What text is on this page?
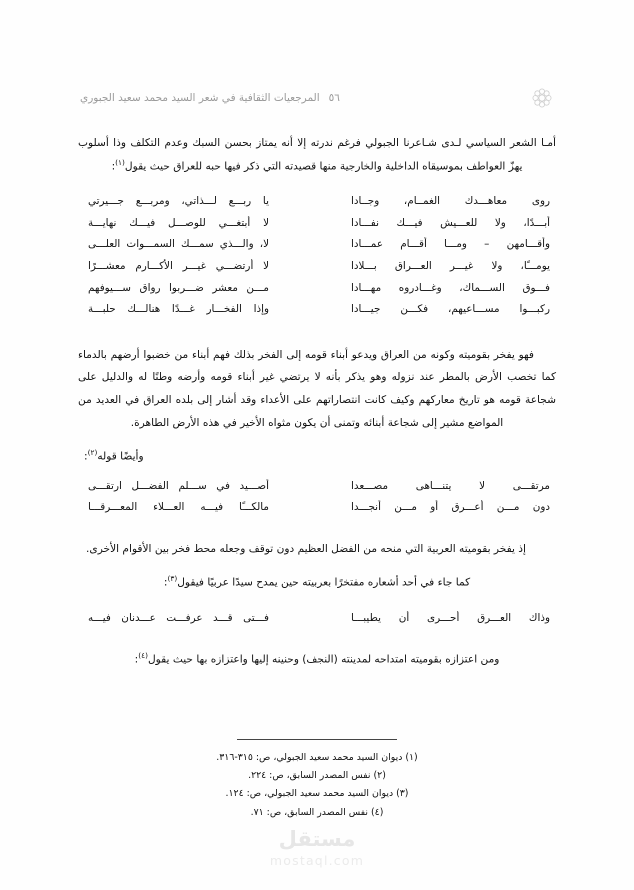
٥٦
المرجعيات الثقافية في شعر السيد محمد سعيد الجبوري

أمـا الشعر السياسي لـدى شـاعرنا الجبولي فرغم ندرته إلا أنه يمتاز بحسن السبك وعدم التكلف وذا أسلوب يهزّ العواطف بموسيقاه الداخلية والخارجية منها قصيدته التي ذكر فيها حبه للعراق حيث يقول$^{(١)}$:

روى معاهـــدك الغمــام، وجــادا
يا ربـــع لـــذاتي، ومربـــع جـــيرتي
أبـــدًا، ولا للعـــيش فيـــك نفـــادا
لا أبتغـــي للوصـــل فيـــك نهايـــة
وأقـــامهن – ومـــا أقـــام عمـــادا
لا، والـــذي سمـــك السمـــوات العلـــى
يومـــًا، ولا غيـــر العـــراق بـــلادا
لا أرتضـــي غيـــر الأكـــارم معشـــرًا
فـــوق الســـماك، وغـــادروه مهـــادا
مـــن معشر ضـــربوا رواق ســـيوفهم
ركبـــوا مســـاعيهم، فكـــن جيـــادا
وإذا الفخـــار غـــدًا هنالـــك حلبـــة

فهو يفخر بقوميته وكونه من العراق ويدعو أبناء قومه إلى الفخر بذلك فهم أبناء من خضبوا أرضهم بالدماء كما تخصب الأرض بالمطر عند نزوله وهو يذكر بأنه لا يرتضي غير أبناء قومه وأرضه وطنًا له والدليل على شجاعة قومه هو تاريخ معاركهم وكيف كانت انتصاراتهم على الأعداء وقد أشار إلى بلده العراق في العديد من المواضع مشير إلى شجاعة أبنائه وتمنى أن يكون مثواه الأخير في هذه الأرض الطاهرة.

وأيضًا قوله$^{(٢)}$:
مرتقـــى لا يتنـــاهى مصـــعدا
أصـــيد في ســـلم الفضـــل ارتقـــى
دون مـــن أعـــرق أو مـــن أنجـــدا
مالكـــًا فيـــه العـــلاء المعـــرقـــا

إذ يفخر بقوميته العربية التي منحه من الفضل العظيم دون توقف وجعله محط فخر بين الأقوام الأخرى.

كما جاء في أحد أشعاره مفتخرًا بعربيته حين يمدح سيدًا عربيًا فيقول$^{(٣)}$:

وذاك العـــرق أحـــرى أن يطيبـــا
فـــتى قـــد عرفـــت عـــدنان فيـــه

ومن اعتزازه بقوميته امتداحه لمدينته (النجف) وحنينه إليها واعتزازه بها حيث يقول$^{(٤)}$:

(١) ديوان السيد محمد سعيد الجبولي، ص: ٣١٥-٣١٦.
(٢) نفس المصدر السابق، ص: ٢٢٤.
(٣) ديوان السيد محمد سعيد الجبولي، ص: ١٢٤.
(٤) نفس المصدر السابق، ص: ٧١.
مستقل
mostaql.com
